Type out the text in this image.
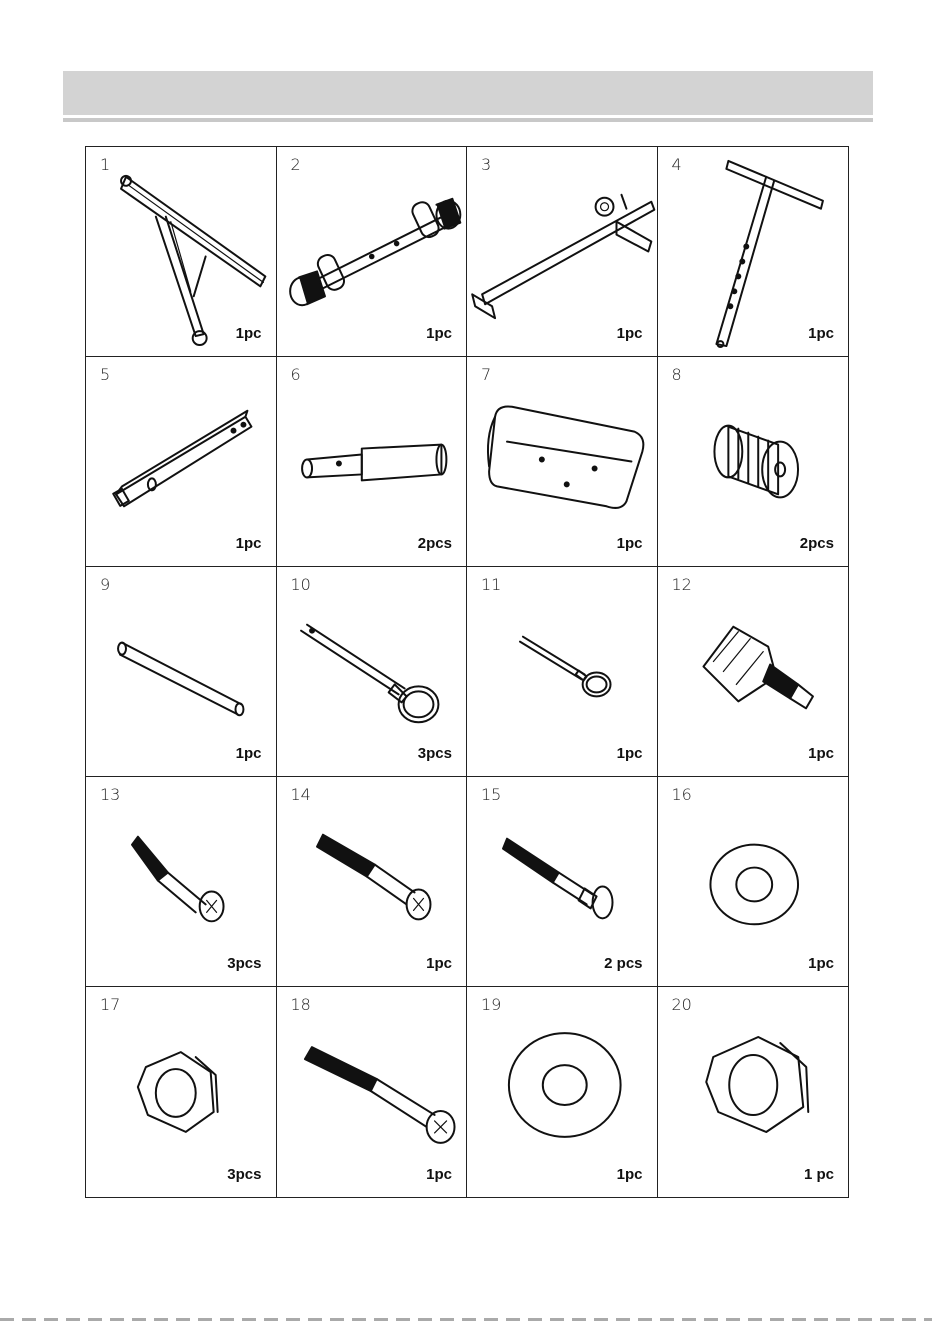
1
1pc
2
1pc
3
1pc
4
1pc
5
1pc
6
2pcs
7
1pc
8
2pcs
9
1pc
10
3pcs
11
1pc
12
1pc
13
3pcs
14
1pc
15
2 pcs
16
1pc
17
3pcs
18
1pc
19
1pc
20
1 pc
